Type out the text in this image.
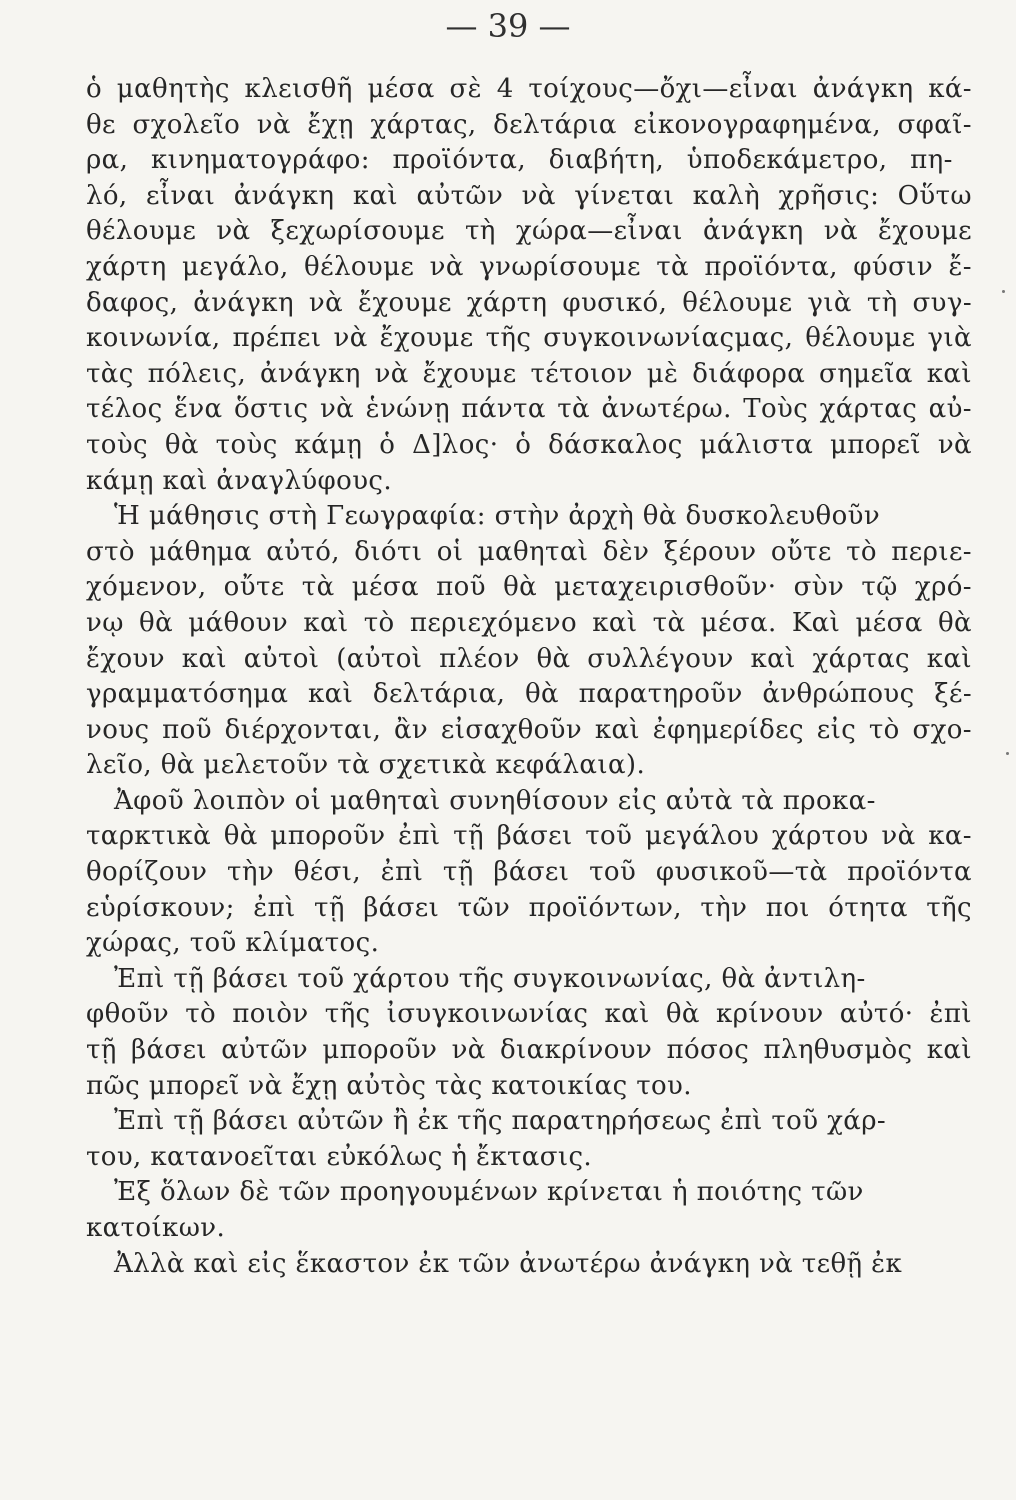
— 39 —
ὁ μαθητὴς κλεισθῆ μέσα σὲ 4 τοίχους—ὄχι—εἶναι ἀνάγκη κά-
θε σχολεῖο νὰ ἔχῃ χάρτας, δελτάρια εἰκονογραφημένα, σφαῖ-
ρα, κινηματογράφο: προϊόντα, διαβήτη, ὑποδεκάμετρο, πη-
λό, εἶναι ἀνάγκη καὶ αὐτῶν νὰ γίνεται καλὴ χρῆσις: Οὕτω
θέλουμε νὰ ξεχωρίσουμε τὴ χώρα—εἶναι ἀνάγκη νὰ ἔχουμε
χάρτη μεγάλο, θέλουμε νὰ γνωρίσουμε τὰ προϊόντα, φύσιν ἔ-
δαφος, ἀνάγκη νὰ ἔχουμε χάρτη φυσικό, θέλουμε γιὰ τὴ συγ-
κοινωνία, πρέπει νὰ ἔχουμε τῆς συγκοινωνίαςμας, θέλουμε γιὰ
τὰς πόλεις, ἀνάγκη νὰ ἔχουμε τέτοιον μὲ διάφορα σημεῖα καὶ
τέλος ἕνα ὅστις νὰ ἑνώνῃ πάντα τὰ ἀνωτέρω. Τοὺς χάρτας αὐ-
τοὺς θὰ τοὺς κάμῃ ὁ Δ]λος· ὁ δάσκαλος μάλιστα μπορεῖ νὰ
κάμῃ καὶ ἀναγλύφους.
Ἡ μάθησις στὴ Γεωγραφία: στὴν ἀρχὴ θὰ δυσκολευθοῦν
στὸ μάθημα αὐτό, διότι οἱ μαθηταὶ δὲν ξέρουν οὔτε τὸ περιε-
χόμενον, οὔτε τὰ μέσα ποῦ θὰ μεταχειρισθοῦν· σὺν τῷ χρό-
νῳ θὰ μάθουν καὶ τὸ περιεχόμενο καὶ τὰ μέσα. Καὶ μέσα θὰ
ἔχουν καὶ αὐτοὶ (αὐτοὶ πλέον θὰ συλλέγουν καὶ χάρτας καὶ
γραμματόσημα καὶ δελτάρια, θὰ παρατηροῦν ἀνθρώπους ξέ-
νους ποῦ διέρχονται, ἂν εἰσαχθοῦν καὶ ἐφημερίδες εἰς τὸ σχο-
λεῖο, θὰ μελετοῦν τὰ σχετικὰ κεφάλαια).
Ἀφοῦ λοιπὸν οἱ μαθηταὶ συνηθίσουν εἰς αὐτὰ τὰ προκα-
ταρκτικὰ θὰ μποροῦν ἐπὶ τῇ βάσει τοῦ μεγάλου χάρτου νὰ κα-
θορίζουν τὴν θέσι, ἐπὶ τῇ βάσει τοῦ φυσικοῦ—τὰ προϊόντα
εὑρίσκουν; ἐπὶ τῇ βάσει τῶν προϊόντων, τὴν ποι ότητα τῆς
χώρας, τοῦ κλίματος.
Ἐπὶ τῇ βάσει τοῦ χάρτου τῆς συγκοινωνίας, θὰ ἀντιλη-
φθοῦν τὸ ποιὸν τῆς ἰσυγκοινωνίας καὶ θὰ κρίνουν αὐτό· ἐπὶ
τῇ βάσει αὐτῶν μποροῦν νὰ διακρίνουν πόσος πληθυσμὸς καὶ
πῶς μπορεῖ νὰ ἔχῃ αὐτὸς τὰς κατοικίας του.
Ἐπὶ τῇ βάσει αὐτῶν ἢ ἐκ τῆς παρατηρήσεως ἐπὶ τοῦ χάρ-
του, κατανοεῖται εὐκόλως ἡ ἔκτασις.
Ἐξ ὅλων δὲ τῶν προηγουμένων κρίνεται ἡ ποιότης τῶν
κατοίκων.
Ἀλλὰ καὶ εἰς ἕκαστον ἐκ τῶν ἀνωτέρω ἀνάγκη νὰ τεθῇ ἐκ
